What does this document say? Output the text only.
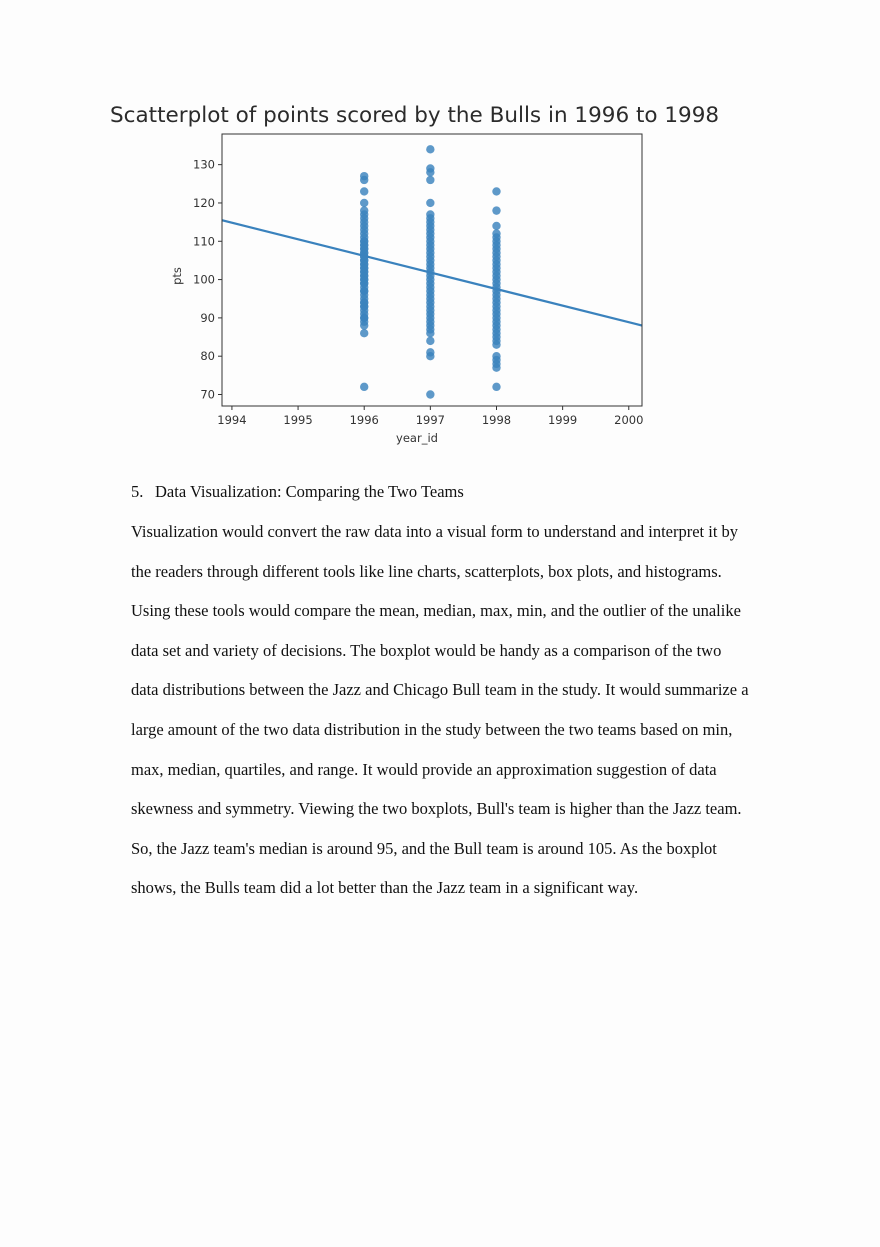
Scatterplot of points scored by the Bulls in 1996 to 1998
1994	1995	1996	1997	1998	1999	2000
70
80
90
100
110
120
130
year_id
pts
5. Data Visualization: Comparing the Two Teams

Visualization would convert the raw data into a visual form to understand and interpret it by
the readers through different tools like line charts, scatterplots, box plots, and histograms.
Using these tools would compare the mean, median, max, min, and the outlier of the unalike
data set and variety of decisions. The boxplot would be handy as a comparison of the two
data distributions between the Jazz and Chicago Bull team in the study. It would summarize a
large amount of the two data distribution in the study between the two teams based on min,
max, median, quartiles, and range. It would provide an approximation suggestion of data
skewness and symmetry. Viewing the two boxplots, Bull's team is higher than the Jazz team.
So, the Jazz team's median is around 95, and the Bull team is around 105. As the boxplot
shows, the Bulls team did a lot better than the Jazz team in a significant way.
